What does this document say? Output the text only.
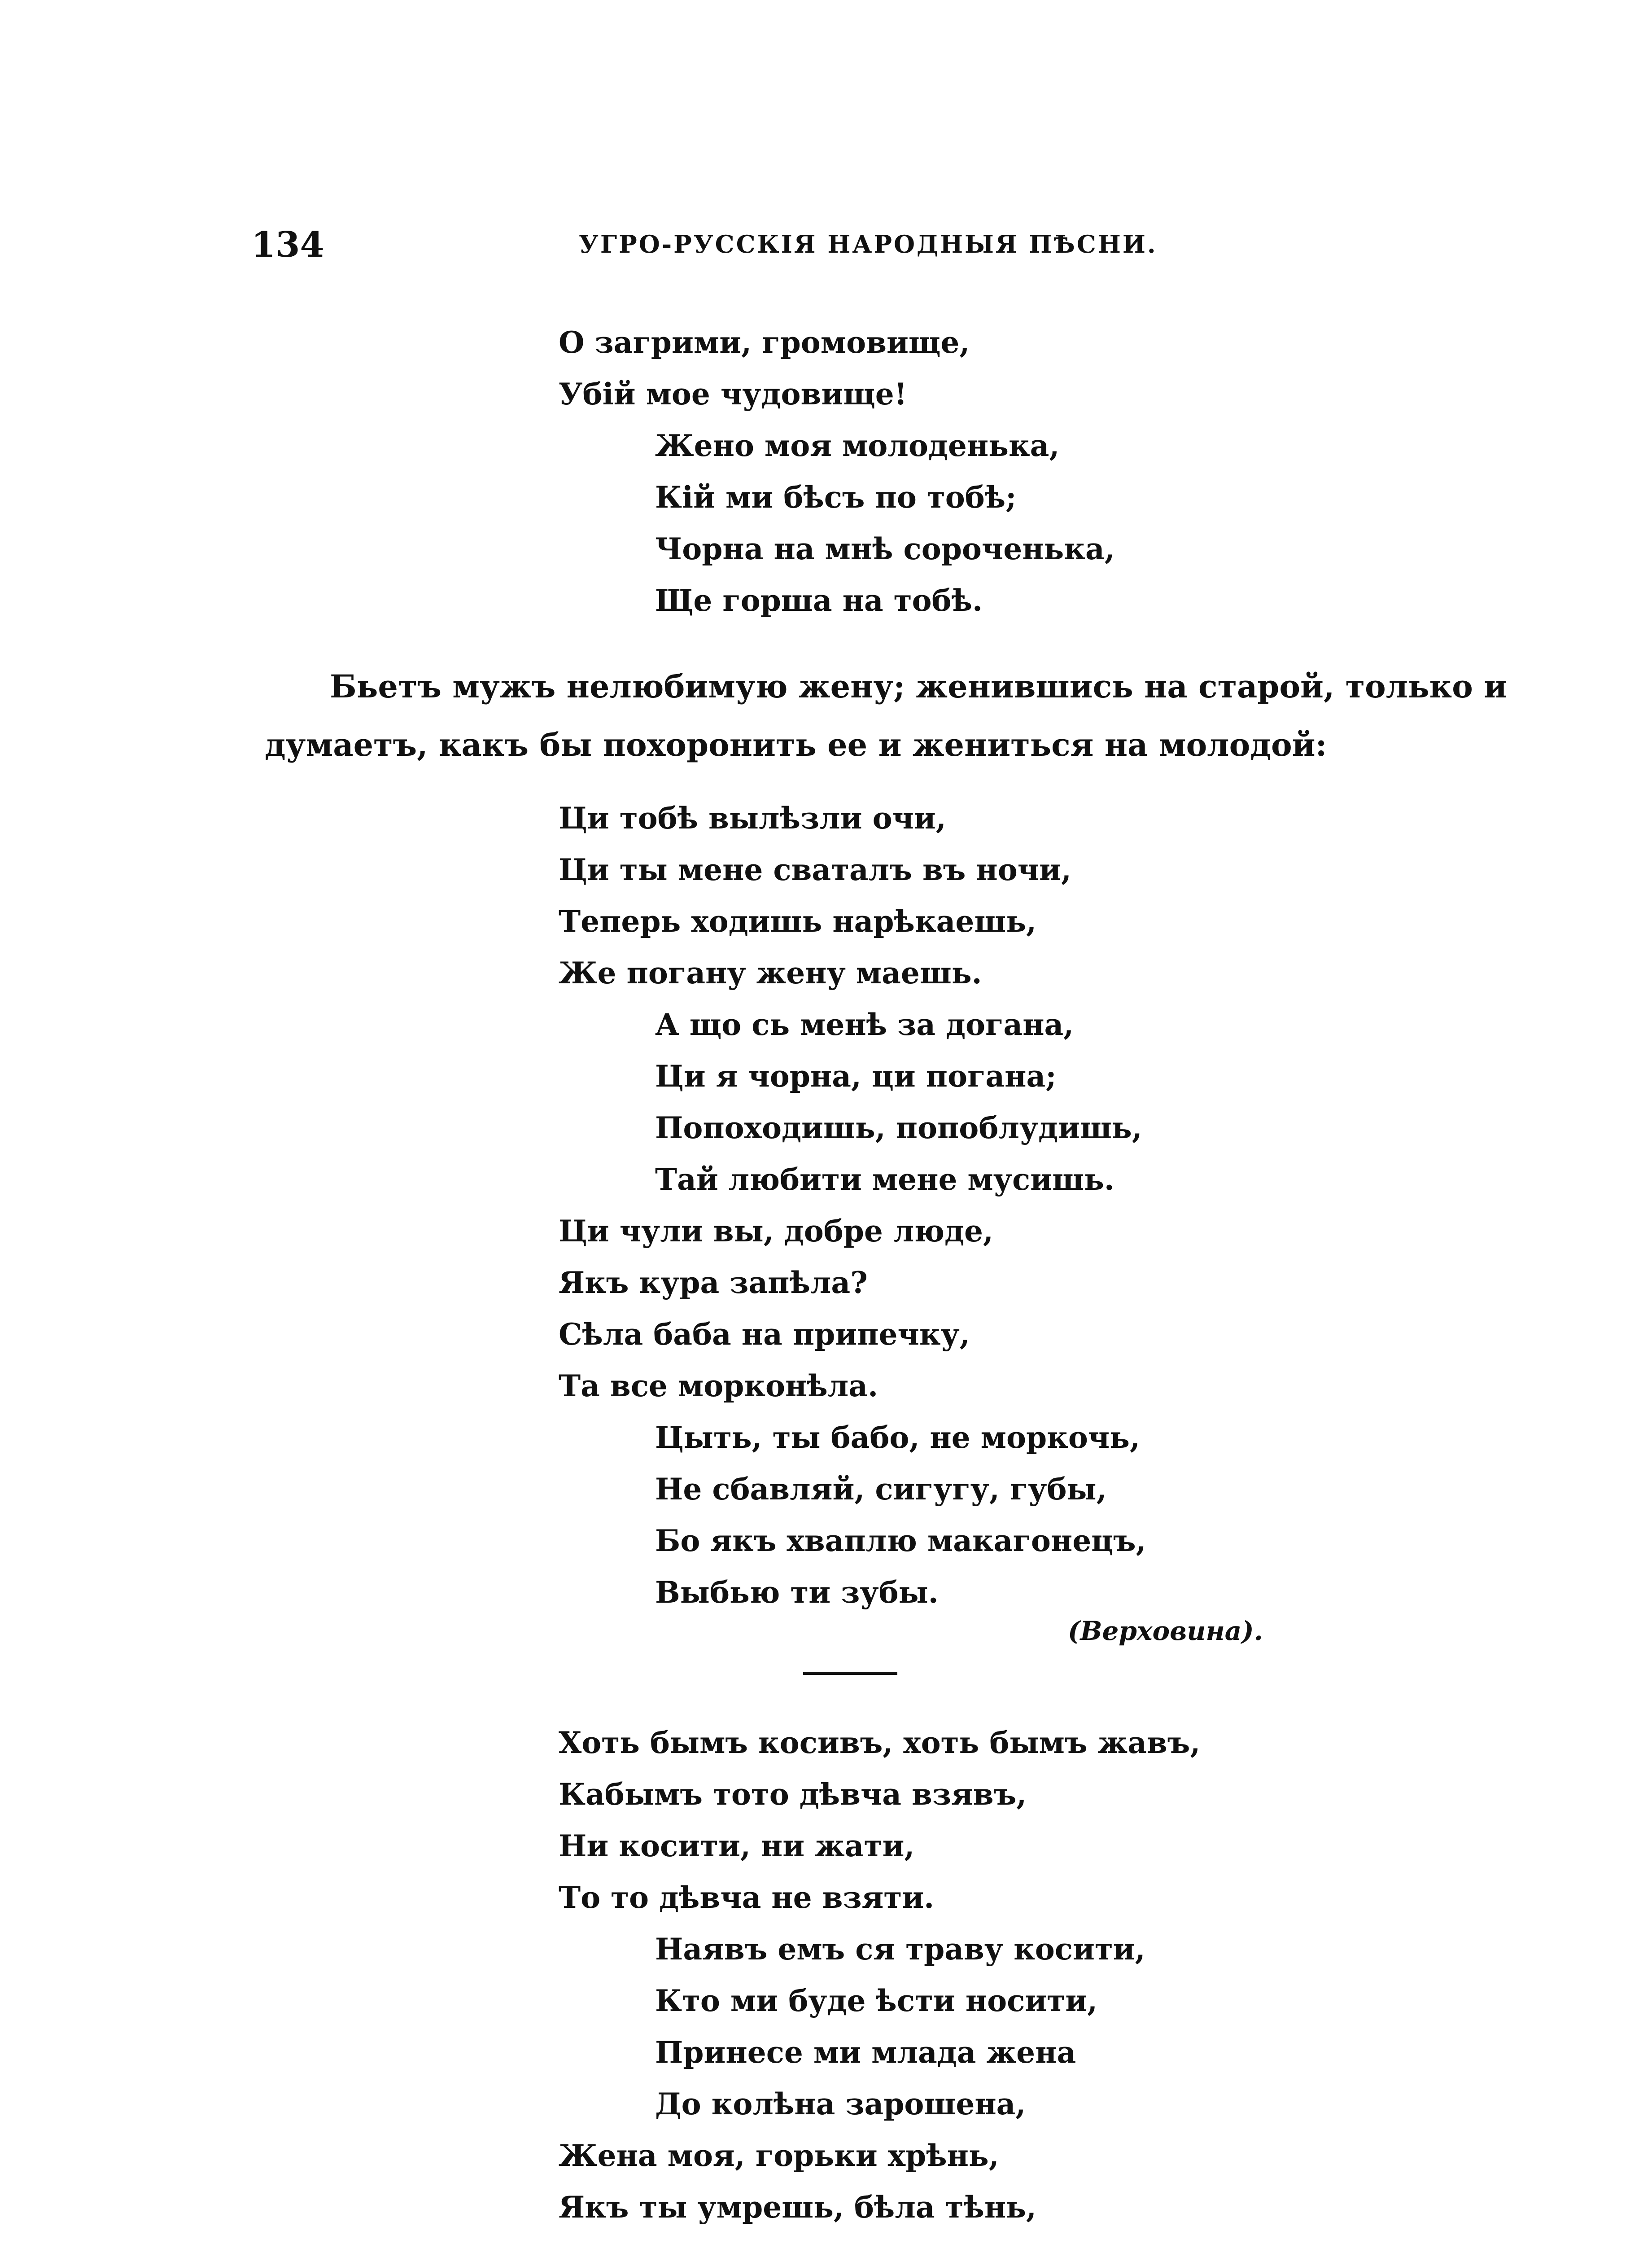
134	УГРО-РУССКІЯ НАРОДНЫЯ ПѢСНИ.
О загрими, громовище,
Убій мое чудовище!
Жено моя молоденька,
Кій ми бѣсъ по тобѣ;
Чорна на мнѣ сороченька,
Ще горша на тобѣ.
Бьетъ мужъ нелюбимую жену; женившись на старой, только и
думаетъ, какъ бы похоронить ее и жениться на молодой:
Ци тобѣ вылѣзли очи,
Ци ты мене свaталъ въ ночи,
Теперь ходишь нарѣкаешь,
Же погану жену маешь.
А що сь менѣ за догана,
Ци я чорна, ци погана;
Попоходишь, попоблудишь,
Тай любити мене мусишь.
Ци чули вы, добре люде,
Якъ кура запѣла?
Сѣла баба на припечку,
Та все морконѣла.
Цыть, ты бабо, не моркочь,
Не сбавляй, сигугу, губы,
Бо якъ хваплю макагонецъ,
Выбью ти зубы.
(Верховина).
Хоть бымъ косивъ, хоть бымъ жавъ,
Кабымъ тото дѣвча взявъ,
Ни косити, ни жати,
То то дѣвча не взяти.
Наявъ емъ ся траву косити,
Кто ми буде ѣсти носити,
Принесе ми млада жена
До колѣна зарошена,
Жена моя, горьки хрѣнь,
Якъ ты умрешь, бѣла тѣнь,
